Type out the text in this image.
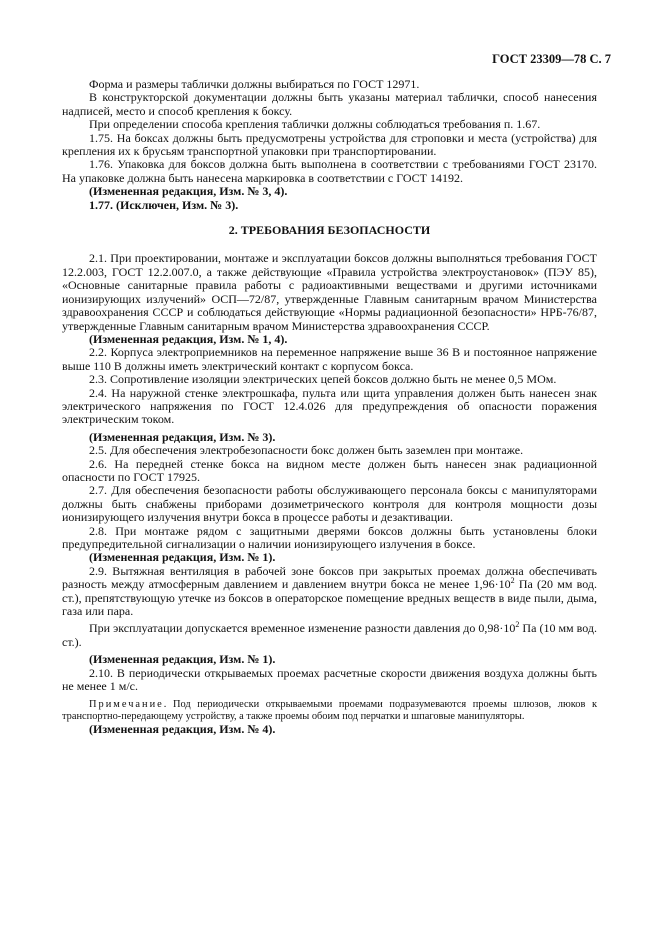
ГОСТ 23309—78 С. 7

Форма и размеры таблички должны выбираться по ГОСТ 12971.

В конструкторской документации должны быть указаны материал таблички, способ нанесения надписей, место и способ крепления к боксу.

При определении способа крепления таблички должны соблюдаться требования п. 1.67.

1.75. На боксах должны быть предусмотрены устройства для строповки и места (устройства) для крепления их к брусьям транспортной упаковки при транспортировании.

1.76. Упаковка для боксов должна быть выполнена в соответствии с требованиями ГОСТ 23170. На упаковке должна быть нанесена маркировка в соответствии с ГОСТ 14192.

(Измененная редакция, Изм. № 3, 4).

1.77. (Исключен, Изм. № 3).

2. ТРЕБОВАНИЯ БЕЗОПАСНОСТИ

2.1. При проектировании, монтаже и эксплуатации боксов должны выполняться требования ГОСТ 12.2.003, ГОСТ 12.2.007.0, а также действующие «Правила устройства электроустановок» (ПЭУ 85), «Основные санитарные правила работы с радиоактивными веществами и другими источниками ионизирующих излучений» ОСП—72/87, утвержденные Главным санитарным врачом Министерства здравоохранения СССР и соблюдаться действующие «Нормы радиационной безопасности» НРБ-76/87, утвержденные Главным санитарным врачом Министерства здравоохранения СССР.

(Измененная редакция, Изм. № 1, 4).

2.2. Корпуса электроприемников на переменное напряжение выше 36 В и постоянное напряжение выше 110 В должны иметь электрический контакт с корпусом бокса.

2.3. Сопротивление изоляции электрических цепей боксов должно быть не менее 0,5 МОм.

2.4. На наружной стенке электрошкафа, пульта или щита управления должен быть нанесен знак электрического напряжения по ГОСТ 12.4.026 для предупреждения об опасности поражения электрическим током.

(Измененная редакция, Изм. № 3).

2.5. Для обеспечения электробезопасности бокс должен быть заземлен при монтаже.

2.6. На передней стенке бокса на видном месте должен быть нанесен знак радиационной опасности по ГОСТ 17925.

2.7. Для обеспечения безопасности работы обслуживающего персонала боксы с манипуляторами должны быть снабжены приборами дозиметрического контроля для контроля мощности дозы ионизирующего излучения внутри бокса в процессе работы и дезактивации.

2.8. При монтаже рядом с защитными дверями боксов должны быть установлены блоки предупредительной сигнализации о наличии ионизирующего излучения в боксе.

(Измененная редакция, Изм. № 1).

2.9. Вытяжная вентиляция в рабочей зоне боксов при закрытых проемах должна обеспечивать разность между атмосферным давлением и давлением внутри бокса не менее $1,96\cdot 10^2$ Па (20 мм вод. ст.), препятствующую утечке из боксов в операторское помещение вредных веществ в виде пыли, дыма, газа или пара.

При эксплуатации допускается временное изменение разности давления до $0,98\cdot 10^2$ Па (10 мм вод. ст.).

(Измененная редакция, Изм. № 1).

2.10. В периодически открываемых проемах расчетные скорости движения воздуха должны быть не менее 1 м/с.

Примечание. Под периодически открываемыми проемами подразумеваются проемы шлюзов, люков к транспортно-передающему устройству, а также проемы обоим под перчатки и шпаговые манипуляторы.

(Измененная редакция, Изм. № 4).
